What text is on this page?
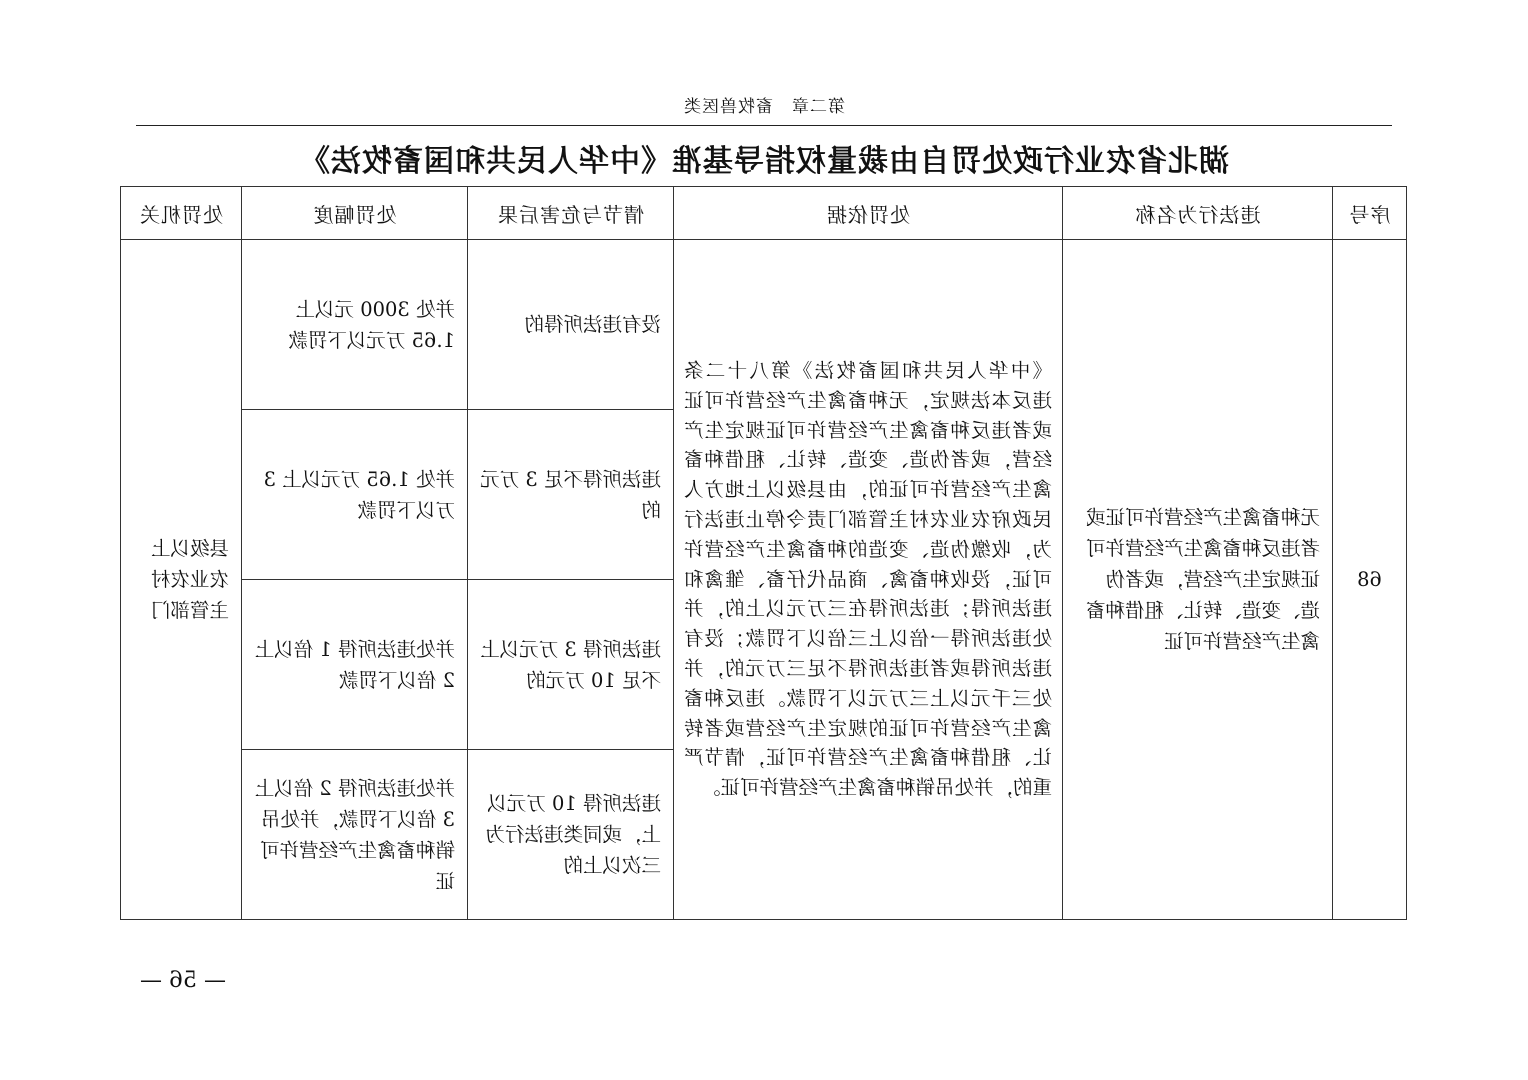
第二章　畜牧兽医类
湖北省农业行政处罚自由裁量权指导基准《中华人民共和国畜牧法》
序号	违法行为名称	处罚依据	情节与危害后果	处罚幅度	处罚机关
68	无种畜禽生产经营许可证或者违反种畜禽生产经营许可证规定生产经营，或者伪造、变造、转让、租借种畜禽生产经营许可证	《中华人民共和国畜牧法》第八十二条　违反本法规定，无种畜禽生产经营许可证或者违反种畜禽生产经营许可证规定生产经营，或者伪造、变造、转让、租借种畜禽生产经营许可证的，由县级以上地方人民政府农业农村主管部门责令停止违法行为，收缴伪造、变造的种畜禽生产经营许可证，没收种畜禽、商品代仔畜、雏禽和违法所得；违法所得在三万元以上的，并处违法所得一倍以上三倍以下罚款；没有违法所得或者违法所得不足三万元的，并处三千元以上三万元以下罚款。违反种畜禽生产经营许可证的规定生产经营或者转让、租借种畜禽生产经营许可证，情节严重的，并处吊销种畜禽生产经营许可证。	没有违法所得的	并处 3000 元以上 1.65 万元以下罚款	县级以上农业农村主管部门

			违法所得不足 3 万元的	并处 1.65 万元以上 3 万以下罚款	

			违法所得 3 万元以上不足 10 万元的	并处违法所得 1 倍以上 2 倍以下罚款	

			违法所得 10 万元以上，或同类违法行为三次以上的	并处违法所得 2 倍以上 3 倍以下罚款，并处吊销种畜禽生产经营许可证	
— 56 —
